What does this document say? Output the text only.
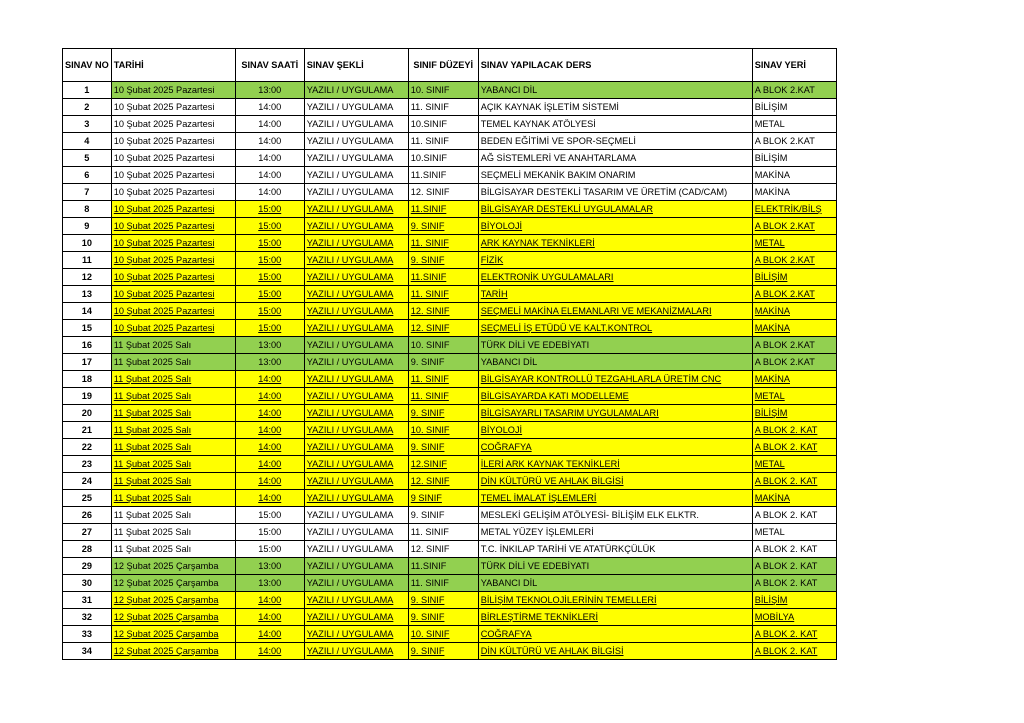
SINAV NO	TARİHİ	SINAV SAATİ	SINAV ŞEKLİ	SINIF DÜZEYİ	SINAV YAPILACAK DERS	SINAV YERİ
1	10 Şubat 2025 Pazartesi	13:00	YAZILI / UYGULAMA	10. SINIF	YABANCI DİL	A BLOK 2.KAT
2	10 Şubat 2025 Pazartesi	14:00	YAZILI / UYGULAMA	11. SINIF	AÇIK KAYNAK İŞLETİM SİSTEMİ	BİLİŞİM
3	10 Şubat 2025 Pazartesi	14:00	YAZILI / UYGULAMA	10.SINIF	TEMEL KAYNAK ATÖLYESİ	METAL
4	10 Şubat 2025 Pazartesi	14:00	YAZILI / UYGULAMA	11. SINIF	BEDEN EĞİTİMİ VE SPOR-SEÇMELİ	A BLOK 2.KAT
5	10 Şubat 2025 Pazartesi	14:00	YAZILI / UYGULAMA	10.SINIF	AĞ SİSTEMLERİ VE ANAHTARLAMA	BİLİŞİM
6	10 Şubat 2025 Pazartesi	14:00	YAZILI / UYGULAMA	11.SINIF	SEÇMELİ MEKANİK BAKIM ONARIM	MAKİNA
7	10 Şubat 2025 Pazartesi	14:00	YAZILI / UYGULAMA	12. SINIF	BİLGİSAYAR DESTEKLİ TASARIM VE ÜRETİM (CAD/CAM)	MAKİNA
8	10 Şubat 2025 Pazartesi	15:00	YAZILI / UYGULAMA	11.SINIF	BİLGİSAYAR DESTEKLİ UYGULAMALAR	ELEKTRİK/BİLŞ
9	10 Şubat 2025 Pazartesi	15:00	YAZILI / UYGULAMA	9. SINIF	BİYOLOJİ	A BLOK 2.KAT
10	10 Şubat 2025 Pazartesi	15:00	YAZILI / UYGULAMA	11. SINIF	ARK KAYNAK TEKNİKLERİ	METAL
11	10 Şubat 2025 Pazartesi	15:00	YAZILI / UYGULAMA	9. SINIF	FİZİK	A BLOK 2.KAT
12	10 Şubat 2025 Pazartesi	15:00	YAZILI / UYGULAMA	11.SINIF	ELEKTRONİK UYGULAMALARI	BİLİŞİM
13	10 Şubat 2025 Pazartesi	15:00	YAZILI / UYGULAMA	11. SINIF	TARİH	A BLOK 2.KAT
14	10 Şubat 2025 Pazartesi	15:00	YAZILI / UYGULAMA	12. SINIF	SEÇMELİ MAKİNA ELEMANLARI VE MEKANİZMALARI	MAKİNA
15	10 Şubat 2025 Pazartesi	15:00	YAZILI / UYGULAMA	12. SINIF	SEÇMELİ İŞ ETÜDÜ VE KALT.KONTROL	MAKİNA
16	11 Şubat 2025 Salı	13:00	YAZILI / UYGULAMA	10. SINIF	TÜRK DİLİ VE EDEBİYATI	A BLOK 2.KAT
17	11 Şubat 2025 Salı	13:00	YAZILI / UYGULAMA	9. SINIF	YABANCI DİL	A BLOK 2.KAT
18	11 Şubat 2025 Salı	14:00	YAZILI / UYGULAMA	11. SINIF	BİLGİSAYAR KONTROLLÜ TEZGAHLARLA ÜRETİM CNC	MAKİNA
19	11 Şubat 2025 Salı	14:00	YAZILI / UYGULAMA	11. SINIF	BİLGİSAYARDA KATI MODELLEME	METAL
20	11 Şubat 2025 Salı	14:00	YAZILI / UYGULAMA	9. SINIF	BİLGİSAYARLI TASARIM UYGULAMALARI	BİLİŞİM
21	11 Şubat 2025 Salı	14:00	YAZILI / UYGULAMA	10. SINIF	BİYOLOJİ	A BLOK 2. KAT
22	11 Şubat 2025 Salı	14:00	YAZILI / UYGULAMA	9. SINIF	COĞRAFYA	A BLOK 2. KAT
23	11 Şubat 2025 Salı	14:00	YAZILI / UYGULAMA	12.SINIF	İLERİ ARK KAYNAK TEKNİKLERİ	METAL
24	11 Şubat 2025 Salı	14:00	YAZILI / UYGULAMA	12. SINIF	DİN KÜLTÜRÜ VE AHLAK BİLGİSİ	A BLOK 2. KAT
25	11 Şubat 2025 Salı	14:00	YAZILI / UYGULAMA	9 SINIF	TEMEL İMALAT İŞLEMLERİ	MAKİNA
26	11 Şubat 2025 Salı	15:00	YAZILI / UYGULAMA	9. SINIF	MESLEKİ GELİŞİM ATÖLYESİ- BİLİŞİM ELK ELKTR.	A BLOK 2. KAT
27	11 Şubat 2025 Salı	15:00	YAZILI / UYGULAMA	11. SINIF	METAL YÜZEY İŞLEMLERİ	METAL
28	11 Şubat 2025 Salı	15:00	YAZILI / UYGULAMA	12. SINIF	T.C. İNKILAP TARİHİ VE ATATÜRKÇÜLÜK	A BLOK 2. KAT
29	12 Şubat 2025 Çarşamba	13:00	YAZILI / UYGULAMA	11.SINIF	TÜRK DİLİ VE EDEBİYATI	A BLOK 2. KAT
30	12 Şubat 2025 Çarşamba	13:00	YAZILI / UYGULAMA	11. SINIF	YABANCI DİL	A BLOK 2. KAT
31	12 Şubat 2025 Çarşamba	14:00	YAZILI / UYGULAMA	9. SINIF	BİLİŞİM TEKNOLOJİLERİNİN TEMELLERİ	BİLİŞİM
32	12 Şubat 2025 Çarşamba	14:00	YAZILI / UYGULAMA	9. SINIF	BİRLEŞTİRME TEKNİKLERİ	MOBİLYA
33	12 Şubat 2025 Çarşamba	14:00	YAZILI / UYGULAMA	10. SINIF	COĞRAFYA	A BLOK 2. KAT
34	12 Şubat 2025 Çarşamba	14:00	YAZILI / UYGULAMA	9. SINIF	DİN KÜLTÜRÜ VE AHLAK BİLGİSİ	A BLOK 2. KAT
